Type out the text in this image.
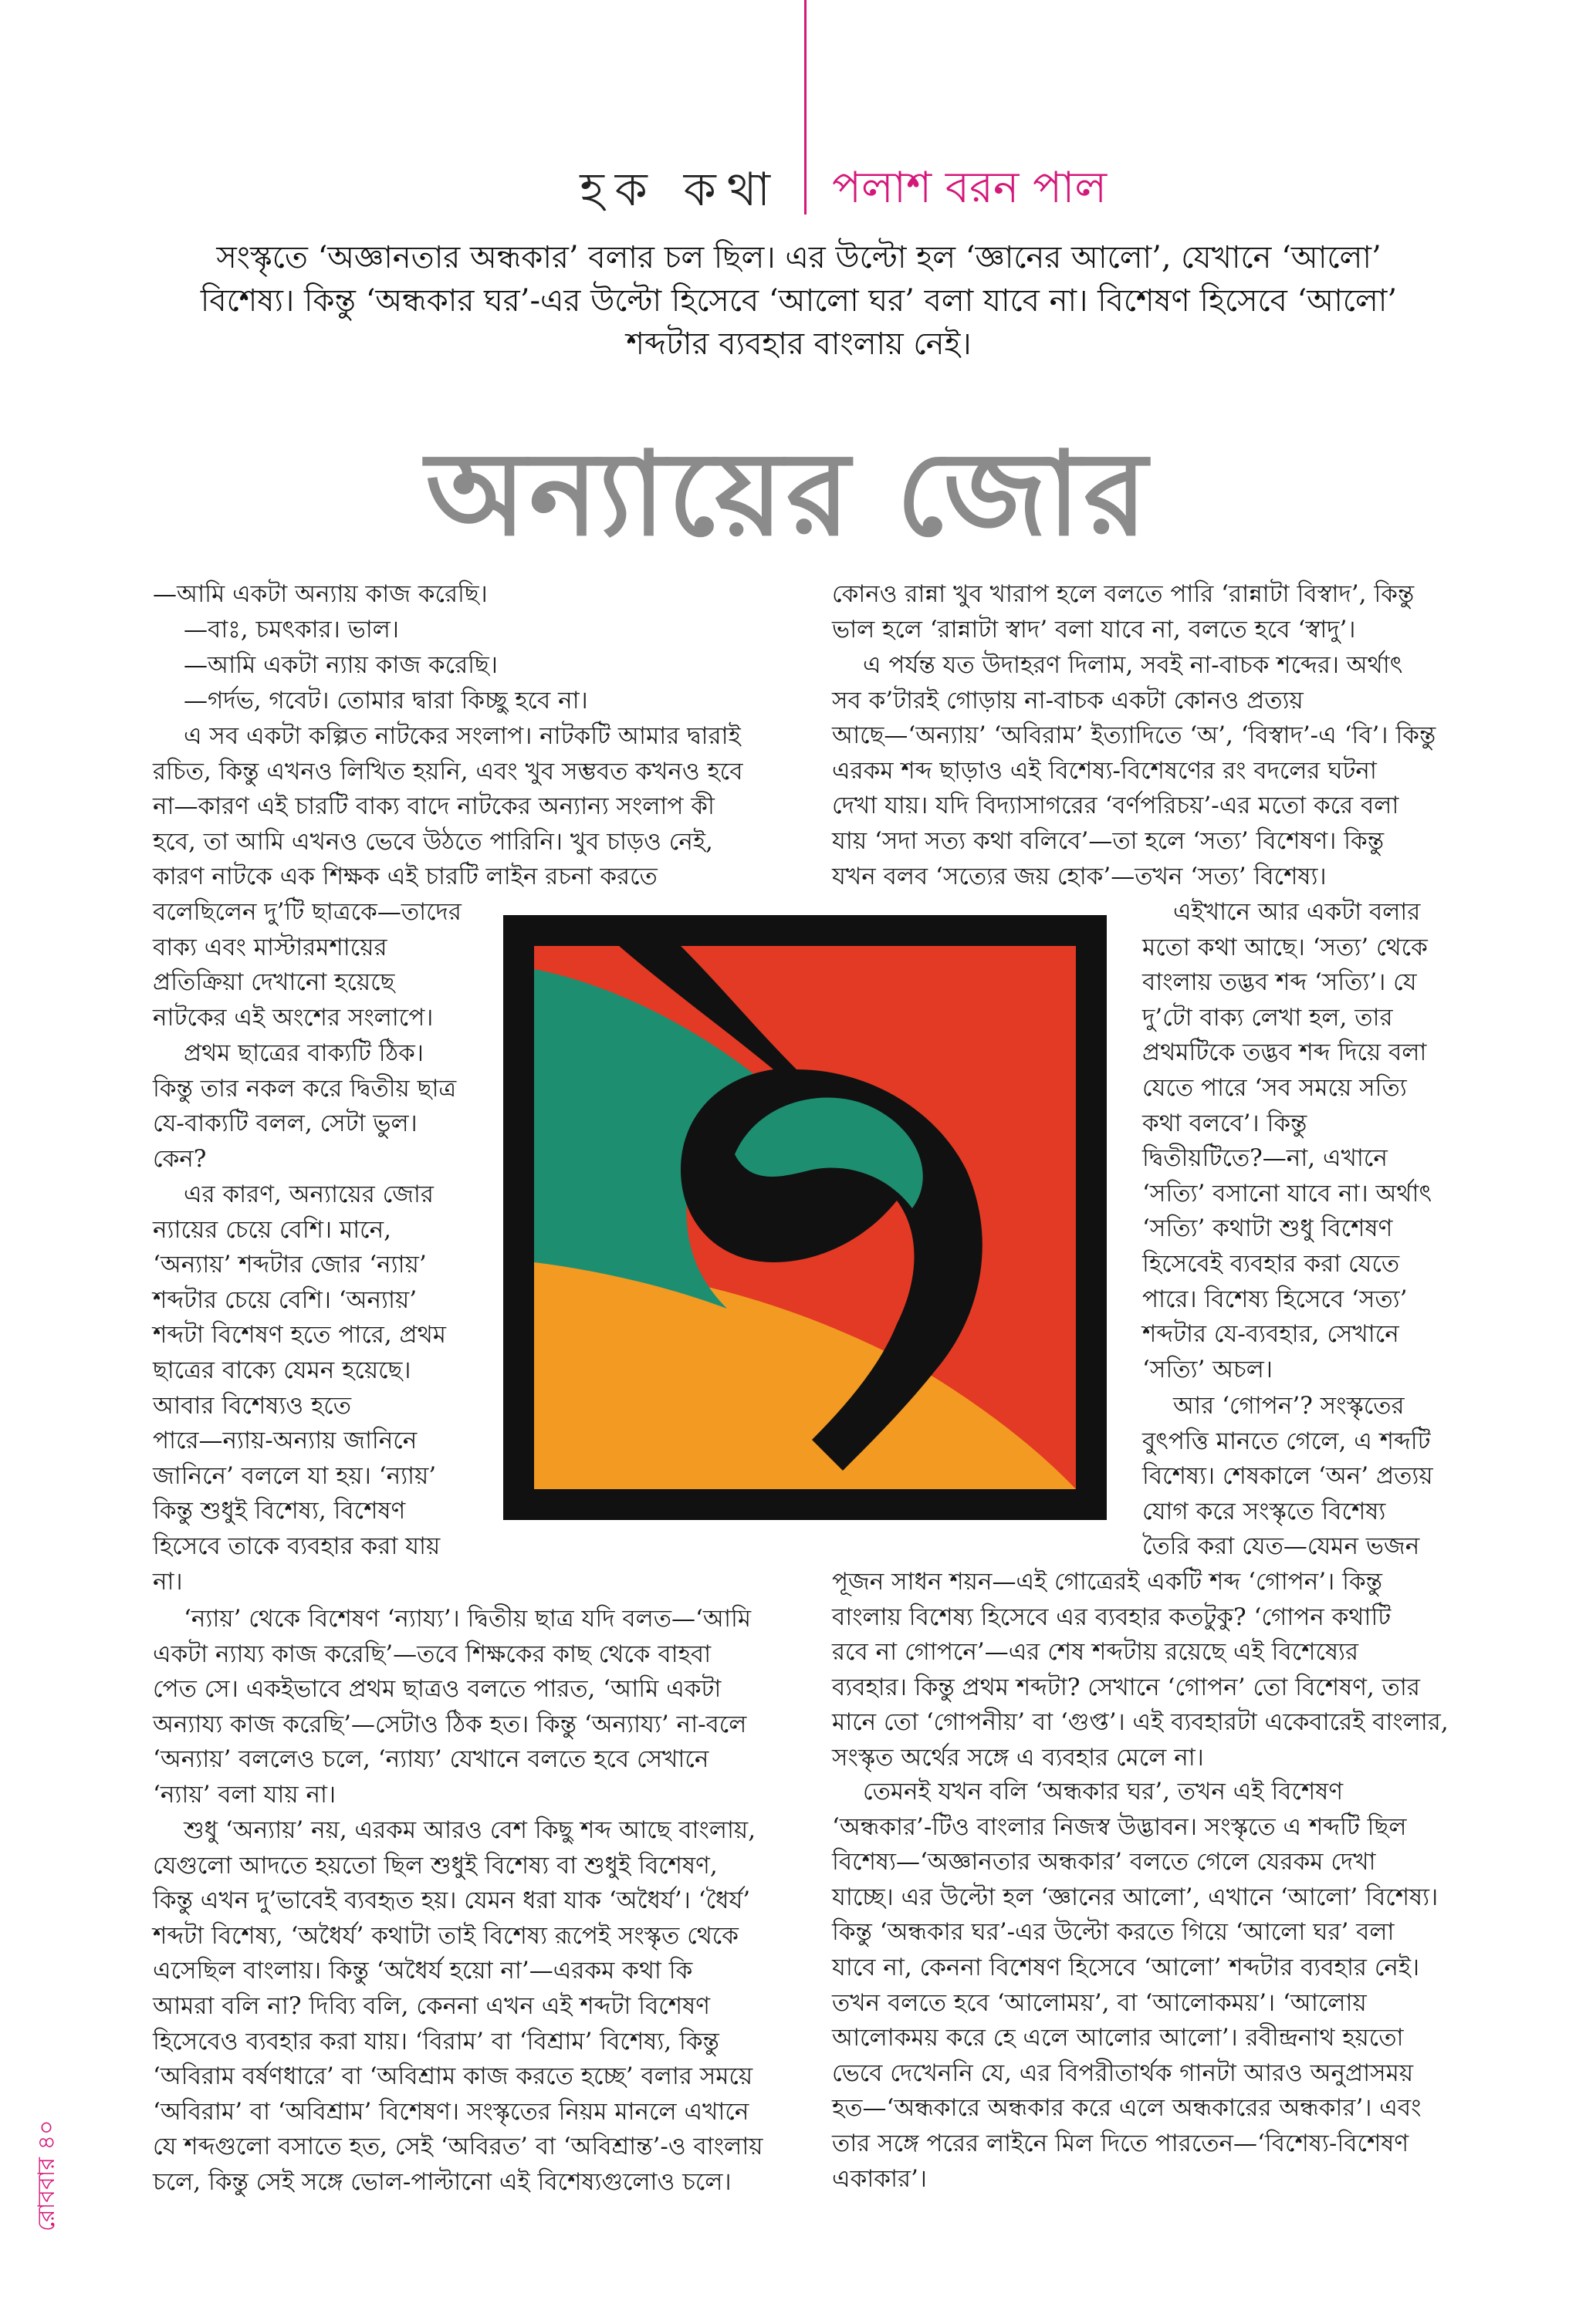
হক কথা পলাশ বরন পাল
সংস্কৃতে ‘অজ্ঞানতার অন্ধকার’ বলার চল ছিল। এর উল্টো হল ‘জ্ঞানের আলো’, যেখানে ‘আলো’
বিশেষ্য। কিন্তু ‘অন্ধকার ঘর’-এর উল্টো হিসেবে ‘আলো ঘর’ বলা যাবে না। বিশেষণ হিসেবে ‘আলো’
শব্দটার ব্যবহার বাংলায় নেই।
অন্যায়ের জোর
—আমি একটা অন্যায় কাজ করেছি।
—বাঃ, চমৎকার। ভাল।
—আমি একটা ন্যায় কাজ করেছি।
—গর্দভ, গবেট। তোমার দ্বারা কিচ্ছু হবে না।
এ সব একটা কল্পিত নাটকের সংলাপ। নাটকটি আমার দ্বারাই
রচিত, কিন্তু এখনও লিখিত হয়নি, এবং খুব সম্ভবত কখনও হবে
না—কারণ এই চারটি বাক্য বাদে নাটকের অন্যান্য সংলাপ কী
হবে, তা আমি এখনও ভেবে উঠতে পারিনি। খুব চাড়ও নেই,
কারণ নাটকে এক শিক্ষক এই চারটি লাইন রচনা করতে
বলেছিলেন দু’টি ছাত্রকে—তাদের
বাক্য এবং মাস্টারমশায়ের
প্রতিক্রিয়া দেখানো হয়েছে
নাটকের এই অংশের সংলাপে।
প্রথম ছাত্রের বাক্যটি ঠিক।
কিন্তু তার নকল করে দ্বিতীয় ছাত্র
যে-বাক্যটি বলল, সেটা ভুল।
কেন?
এর কারণ, অন্যায়ের জোর
ন্যায়ের চেয়ে বেশি। মানে,
‘অন্যায়’ শব্দটার জোর ‘ন্যায়’
শব্দটার চেয়ে বেশি। ‘অন্যায়’
শব্দটা বিশেষণ হতে পারে, প্রথম
ছাত্রের বাক্যে যেমন হয়েছে।
আবার বিশেষ্যও হতে
পারে—ন্যায়-অন্যায় জানিনে
জানিনে’ বললে যা হয়। ‘ন্যায়’
কিন্তু শুধুই বিশেষ্য, বিশেষণ
হিসেবে তাকে ব্যবহার করা যায়
না।
‘ন্যায়’ থেকে বিশেষণ ‘ন্যায্য’। দ্বিতীয় ছাত্র যদি বলত—‘আমি
একটা ন্যায্য কাজ করেছি’—তবে শিক্ষকের কাছ থেকে বাহবা
পেত সে। একইভাবে প্রথম ছাত্রও বলতে পারত, ‘আমি একটা
অন্যায্য কাজ করেছি’—সেটাও ঠিক হত। কিন্তু ‘অন্যায্য’ না-বলে
‘অন্যায়’ বললেও চলে, ‘ন্যায্য’ যেখানে বলতে হবে সেখানে
‘ন্যায়’ বলা যায় না।
শুধু ‘অন্যায়’ নয়, এরকম আরও বেশ কিছু শব্দ আছে বাংলায়,
যেগুলো আদতে হয়তো ছিল শুধুই বিশেষ্য বা শুধুই বিশেষণ,
কিন্তু এখন দু’ভাবেই ব্যবহৃত হয়। যেমন ধরা যাক ‘অধৈর্য’। ‘ধৈর্য’
শব্দটা বিশেষ্য, ‘অধৈর্য’ কথাটা তাই বিশেষ্য রূপেই সংস্কৃত থেকে
এসেছিল বাংলায়। কিন্তু ‘অধৈর্য হয়ো না’—এরকম কথা কি
আমরা বলি না? দিব্যি বলি, কেননা এখন এই শব্দটা বিশেষণ
হিসেবেও ব্যবহার করা যায়। ‘বিরাম’ বা ‘বিশ্রাম’ বিশেষ্য, কিন্তু
‘অবিরাম বর্ষণধারে’ বা ‘অবিশ্রাম কাজ করতে হচ্ছে’ বলার সময়ে
‘অবিরাম’ বা ‘অবিশ্রাম’ বিশেষণ। সংস্কৃতের নিয়ম মানলে এখানে
যে শব্দগুলো বসাতে হত, সেই ‘অবিরত’ বা ‘অবিশ্রান্ত’-ও বাংলায়
চলে, কিন্তু সেই সঙ্গে ভোল-পাল্টানো এই বিশেষ্যগুলোও চলে।
কোনও রান্না খুব খারাপ হলে বলতে পারি ‘রান্নাটা বিস্বাদ’, কিন্তু
ভাল হলে ‘রান্নাটা স্বাদ’ বলা যাবে না, বলতে হবে ‘স্বাদু’।
এ পর্যন্ত যত উদাহরণ দিলাম, সবই না-বাচক শব্দের। অর্থাৎ
সব ক’টারই গোড়ায় না-বাচক একটা কোনও প্রত্যয়
আছে—‘অন্যায়’ ‘অবিরাম’ ইত্যাদিতে ‘অ’, ‘বিস্বাদ’-এ ‘বি’। কিন্তু
এরকম শব্দ ছাড়াও এই বিশেষ্য-বিশেষণের রং বদলের ঘটনা
দেখা যায়। যদি বিদ্যাসাগরের ‘বর্ণপরিচয়’-এর মতো করে বলা
যায় ‘সদা সত্য কথা বলিবে’—তা হলে ‘সত্য’ বিশেষণ। কিন্তু
যখন বলব ‘সত্যের জয় হোক’—তখন ‘সত্য’ বিশেষ্য।
এইখানে আর একটা বলার
মতো কথা আছে। ‘সত্য’ থেকে
বাংলায় তদ্ভব শব্দ ‘সত্যি’। যে
দু’টো বাক্য লেখা হল, তার
প্রথমটিকে তদ্ভব শব্দ দিয়ে বলা
যেতে পারে ‘সব সময়ে সত্যি
কথা বলবে’। কিন্তু
দ্বিতীয়টিতে?—না, এখানে
‘সত্যি’ বসানো যাবে না। অর্থাৎ
‘সত্যি’ কথাটা শুধু বিশেষণ
হিসেবেই ব্যবহার করা যেতে
পারে। বিশেষ্য হিসেবে ‘সত্য’
শব্দটার যে-ব্যবহার, সেখানে
‘সত্যি’ অচল।
আর ‘গোপন’? সংস্কৃতের
বুৎপত্তি মানতে গেলে, এ শব্দটি
বিশেষ্য। শেষকালে ‘অন’ প্রত্যয়
যোগ করে সংস্কৃতে বিশেষ্য
তৈরি করা যেত—যেমন ভজন
পূজন সাধন শয়ন—এই গোত্রেরই একটি শব্দ ‘গোপন’। কিন্তু
বাংলায় বিশেষ্য হিসেবে এর ব্যবহার কতটুকু? ‘গোপন কথাটি
রবে না গোপনে’—এর শেষ শব্দটায় রয়েছে এই বিশেষ্যের
ব্যবহার। কিন্তু প্রথম শব্দটা? সেখানে ‘গোপন’ তো বিশেষণ, তার
মানে তো ‘গোপনীয়’ বা ‘গুপ্ত’। এই ব্যবহারটা একেবারেই বাংলার,
সংস্কৃত অর্থের সঙ্গে এ ব্যবহার মেলে না।
তেমনই যখন বলি ‘অন্ধকার ঘর’, তখন এই বিশেষণ
‘অন্ধকার’-টিও বাংলার নিজস্ব উদ্ভাবন। সংস্কৃতে এ শব্দটি ছিল
বিশেষ্য—‘অজ্ঞানতার অন্ধকার’ বলতে গেলে যেরকম দেখা
যাচ্ছে। এর উল্টো হল ‘জ্ঞানের আলো’, এখানে ‘আলো’ বিশেষ্য।
কিন্তু ‘অন্ধকার ঘর’-এর উল্টো করতে গিয়ে ‘আলো ঘর’ বলা
যাবে না, কেননা বিশেষণ হিসেবে ‘আলো’ শব্দটার ব্যবহার নেই।
তখন বলতে হবে ‘আলোময়’, বা ‘আলোকময়’। ‘আলোয়
আলোকময় করে হে এলে আলোর আলো’। রবীন্দ্রনাথ হয়তো
ভেবে দেখেননি যে, এর বিপরীতার্থক গানটা আরও অনুপ্রাসময়
হত—‘অন্ধকারে অন্ধকার করে এলে অন্ধকারের অন্ধকার’। এবং
তার সঙ্গে পরের লাইনে মিল দিতে পারতেন—‘বিশেষ্য-বিশেষণ
একাকার’।
রোববার ৪০
